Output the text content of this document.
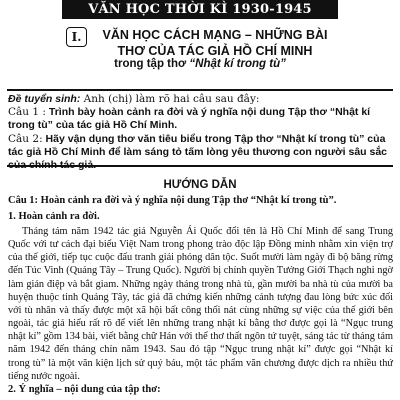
VĂN HỌC THỜI KÌ 1930-1945
I.	VĂN HỌC CÁCH MẠNG – NHỮNG BÀI THƠ CỦA TÁC GIẢ HỒ CHÍ MINH
trong tập thơ “Nhật kí trong tù”
Đề tuyển sinh: Anh (chị) làm rõ hai câu sau đây:
Câu 1 : Trình bày hoàn cảnh ra đời và ý nghĩa nội dung Tập thơ “Nhật kí trong tù” của tác giả Hồ Chí Minh.
Câu 2: Hãy vận dụng thơ văn tiêu biểu trong Tập thơ “Nhật kí trong tù” của tác giả Hồ Chí Minh để làm sáng tỏ tấm lòng yêu thương con người sâu sắc của chính tác giả.
HƯỚNG DẪN
Câu 1: Hoàn cảnh ra đời và ý nghĩa nội dung Tập thơ “Nhật kí trong tù”.
1. Hoàn cảnh ra đời.
Tháng tám năm 1942 tác giả Nguyễn Ái Quốc đổi tên là Hồ Chí Minh để sang Trung Quốc với tư cách đại biểu Việt Nam trong phong trào độc lập Đồng minh nhằm xin viện trợ của thế giới, tiếp tục cuộc đấu tranh giải phóng dân tộc. Suốt mười làm ngày đi bộ băng rừng đến Túc Vinh (Quảng Tây – Trung Quốc). Người bị chính quyền Tưởng Giới Thạch nghi ngờ làm gián điệp và bắt giam. Những ngày tháng trong nhà tù, gần mười ba nhà tù của mười ba huyện thuộc tỉnh Quảng Tây, tác giả đã chứng kiến những cảnh tượng đau lòng bức xúc đối với tù nhân và thấy được một xã hội bất công thối nát cùng những sự việc của thế giới bên ngoài, tác giả hiểu rất rõ để viết lên những trang nhật kí bằng thơ được gọi là “Ngục trung nhật kí” gồm 134 bài, viết bằng chữ Hán với thể thơ thất ngôn tứ tuyệt, sáng tác từ tháng tám năm 1942 đến tháng chín năm 1943. Sau đó tập “Ngục trung nhật kí” được gọi “Nhật kí trong tù” là một văn kiện lịch sử quý báu, một tác phẩm văn chương được dịch ra nhiều thứ tiếng nước ngoài.
2. Ý nghĩa – nội dung của tập thơ:
